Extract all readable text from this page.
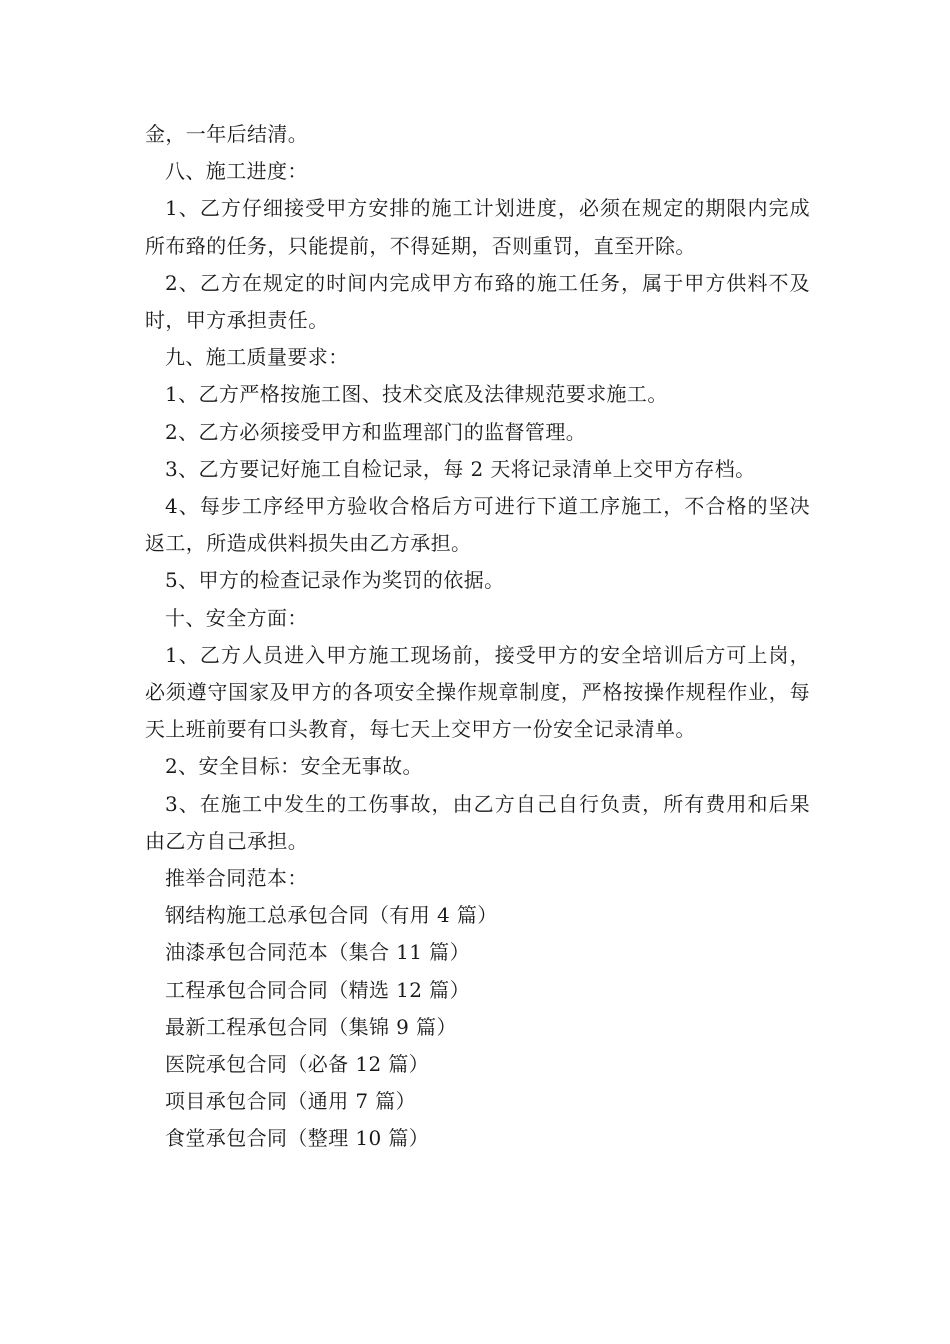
金，一年后结清。

八、施工进度：

1、乙方仔细接受甲方安排的施工计划进度，必须在规定的期限内完成所布臵的任务，只能提前，不得延期，否则重罚，直至开除。

2、乙方在规定的时间内完成甲方布臵的施工任务，属于甲方供料不及时，甲方承担责任。

九、施工质量要求：

1、乙方严格按施工图、技术交底及法律规范要求施工。

2、乙方必须接受甲方和监理部门的监督管理。

3、乙方要记好施工自检记录，每 2 天将记录清单上交甲方存档。

4、每步工序经甲方验收合格后方可进行下道工序施工，不合格的坚决返工，所造成供料损失由乙方承担。

5、甲方的检查记录作为奖罚的依据。

十、安全方面：

1、乙方人员进入甲方施工现场前，接受甲方的安全培训后方可上岗，必须遵守国家及甲方的各项安全操作规章制度，严格按操作规程作业，每天上班前要有口头教育，每七天上交甲方一份安全记录清单。

2、安全目标：安全无事故。

3、在施工中发生的工伤事故，由乙方自己自行负责，所有费用和后果由乙方自己承担。

推举合同范本：

钢结构施工总承包合同（有用 4 篇）

油漆承包合同范本（集合 11 篇）

工程承包合同合同（精选 12 篇）

最新工程承包合同（集锦 9 篇）

医院承包合同（必备 12 篇）

项目承包合同（通用 7 篇）

食堂承包合同（整理 10 篇）
